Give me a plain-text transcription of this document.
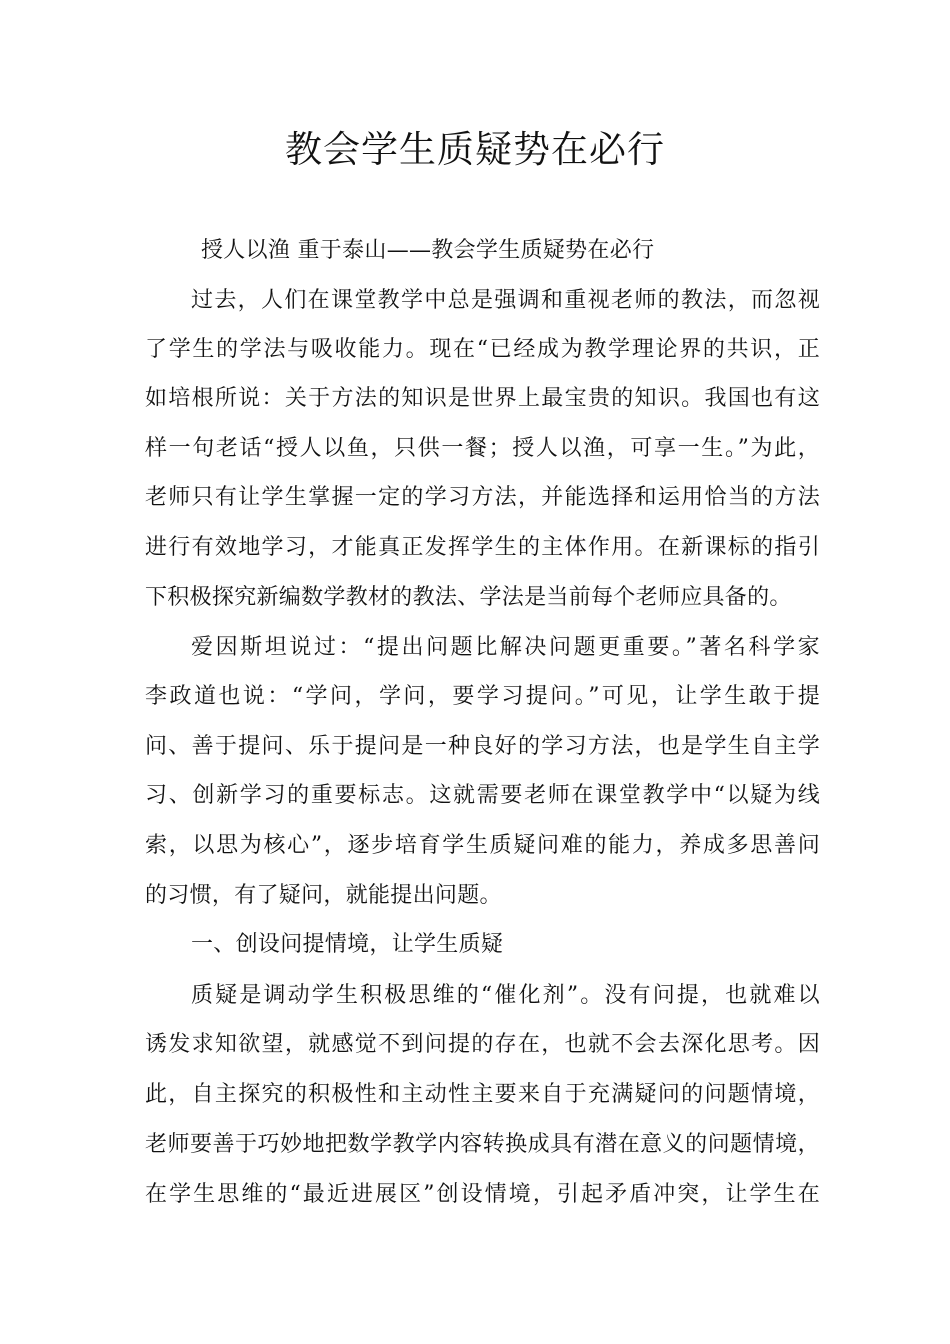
教会学生质疑势在必行
授人以渔 重于泰山——教会学生质疑势在必行
过去，人们在课堂教学中总是强调和重视老师的教法，而忽视
了学生的学法与吸收能力。现在“已经成为教学理论界的共识，正
如培根所说：关于方法的知识是世界上最宝贵的知识。我国也有这
样一句老话“授人以鱼，只供一餐；授人以渔，可享一生。”为此，
老师只有让学生掌握一定的学习方法，并能选择和运用恰当的方法
进行有效地学习，才能真正发挥学生的主体作用。在新课标的指引
下积极探究新编数学教材的教法、学法是当前每个老师应具备的。
爱因斯坦说过：“提出问题比解决问题更重要。”著名科学家
李政道也说：“学问，学问，要学习提问。”可见，让学生敢于提
问、善于提问、乐于提问是一种良好的学习方法，也是学生自主学
习、创新学习的重要标志。这就需要老师在课堂教学中“以疑为线
索，以思为核心”，逐步培育学生质疑问难的能力，养成多思善问
的习惯，有了疑问，就能提出问题。
一、创设问提情境，让学生质疑
质疑是调动学生积极思维的“催化剂”。没有问提，也就难以
诱发求知欲望，就感觉不到问提的存在，也就不会去深化思考。因
此，自主探究的积极性和主动性主要来自于充满疑问的问题情境，
老师要善于巧妙地把数学教学内容转换成具有潜在意义的问题情境，
在学生思维的“最近进展区”创设情境，引起矛盾冲突，让学生在
